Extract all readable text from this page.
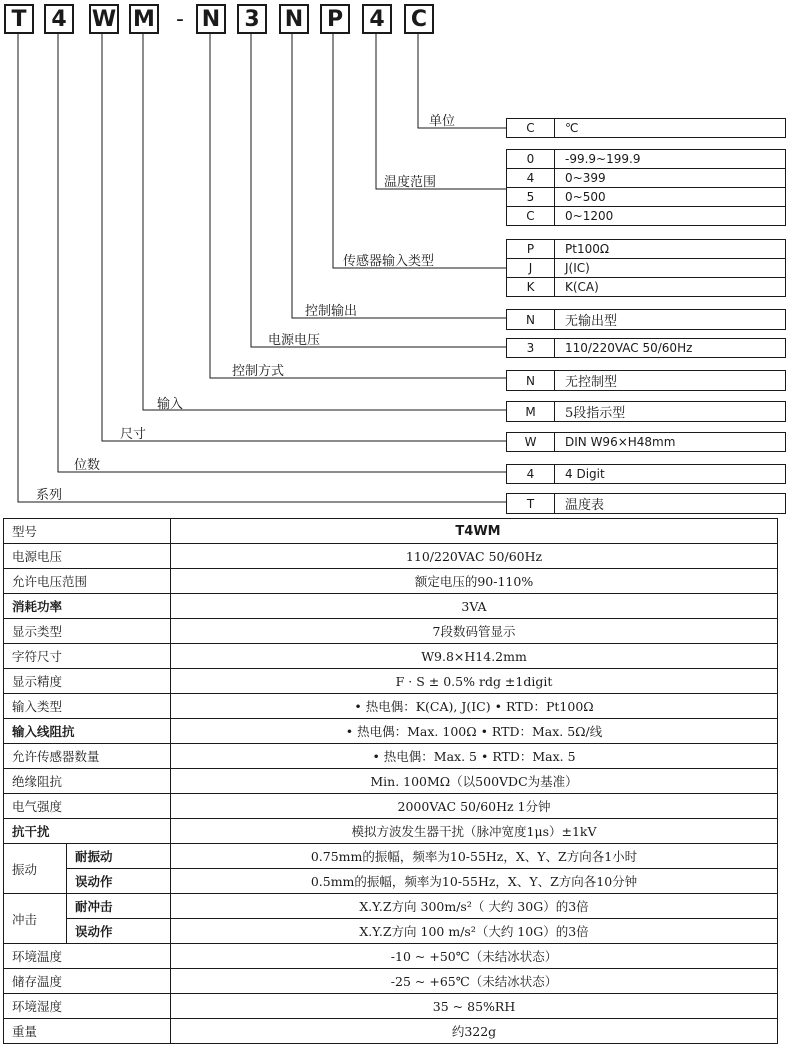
T	4	W M - N	3	N	P	4	C
单位
温度范围
传感器输入类型
控制输出
电源电压
控制方式
输入
尺寸
位数
系列
C	℃
0	-99.9~199.9
4	0~399
5	0~500
C	0~1200
P	Pt100Ω
J	J(IC)
K	K(CA)
N	无输出型
3	110/220VAC 50/60Hz
N	无控制型
M	5段指示型
W	DIN W96×H48mm
4	4 Digit
T	温度表
型号		T4WM
电源电压		110/220VAC 50/60Hz
允许电压范围		额定电压的90-110%
消耗功率		3VA
显示类型		7段数码管显示
字符尺寸		W9.8×H14.2mm
显示精度		F · S ± 0.5% rdg ±1digit
输入类型		• 热电偶：K(CA), J(IC) • RTD：Pt100Ω
输入线阻抗		• 热电偶：Max. 100Ω • RTD：Max. 5Ω/线
允许传感器数量		• 热电偶：Max. 5 • RTD：Max. 5
绝缘阻抗		Min. 100MΩ（以500VDC为基准）
电气强度		2000VAC 50/60Hz 1分钟
抗干扰		模拟方波发生器干扰（脉冲宽度1μs）±1kV
振动	耐振动	0.75mm的振幅，频率为10-55Hz，X、Y、Z方向各1小时
	误动作	0.5mm的振幅，频率为10-55Hz，X、Y、Z方向各10分钟
冲击	耐冲击	X.Y.Z方向 300m/s²（ 大约 30G）的3倍
	误动作	X.Y.Z方向 100 m/s²（大约 10G）的3倍
环境温度		-10 ~ +50℃（未结冰状态）
储存温度		-25 ~ +65℃（未结冰状态）
环境湿度		35 ~ 85%RH
重量		约322g
